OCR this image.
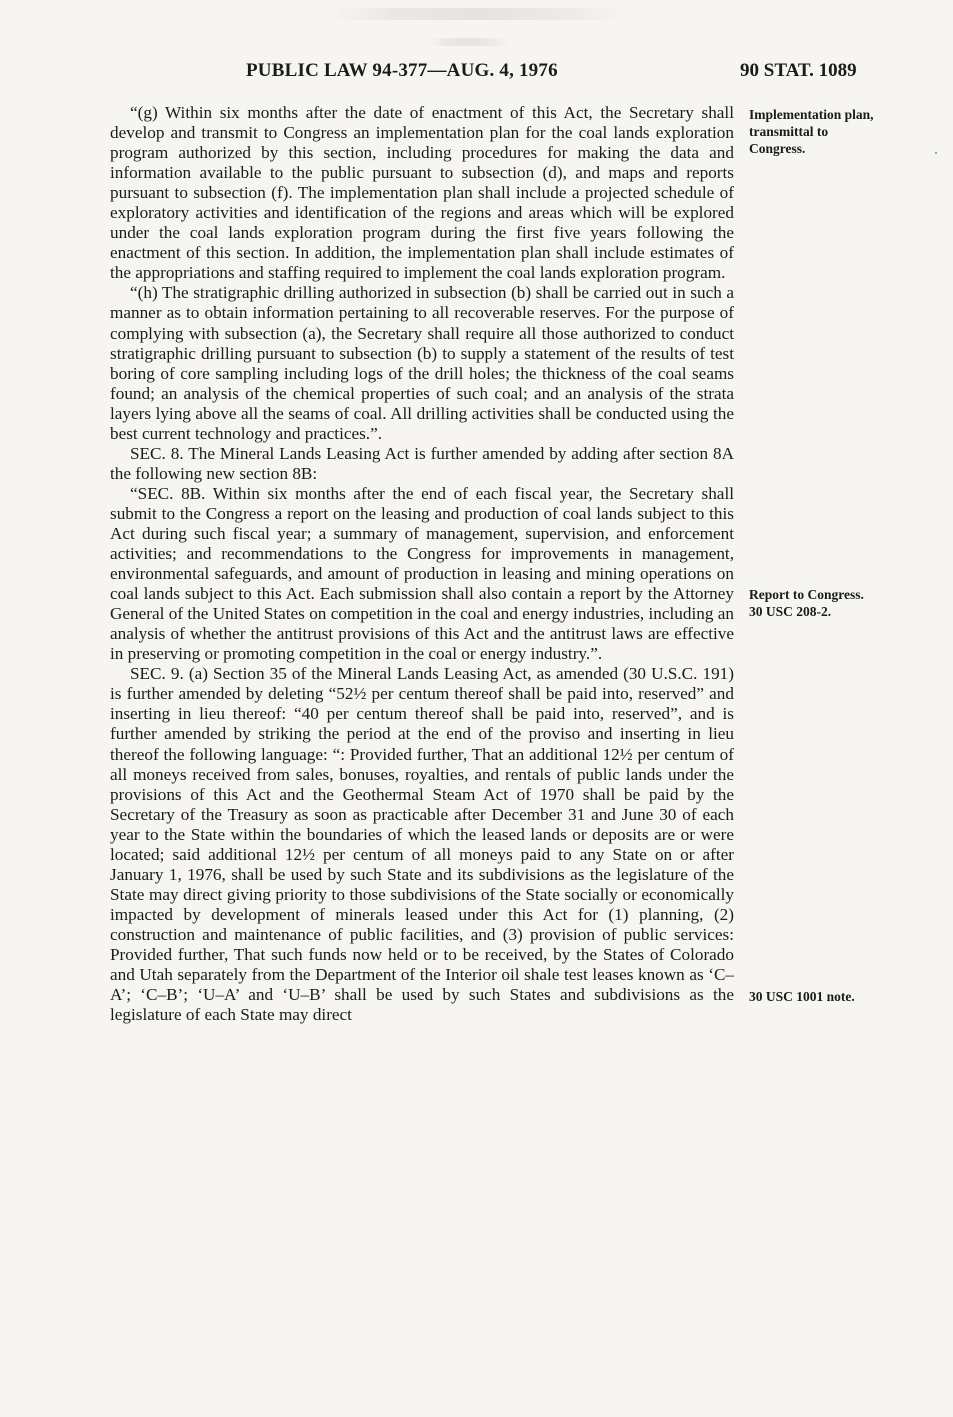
PUBLIC LAW 94-377—AUG. 4, 1976	90 STAT. 1089

“(g) Within six months after the date of enactment of this Act, the Secretary shall develop and transmit to Congress an implementation plan for the coal lands exploration program authorized by this section, including procedures for making the data and information available to the public pursuant to subsection (d), and maps and reports pursuant to subsection (f). The implementation plan shall include a projected schedule of exploratory activities and identification of the regions and areas which will be explored under the coal lands exploration program during the first five years following the enactment of this section. In addition, the implementation plan shall include estimates of the appropriations and staffing required to implement the coal lands exploration program.

“(h) The stratigraphic drilling authorized in subsection (b) shall be carried out in such a manner as to obtain information pertaining to all recoverable reserves. For the purpose of complying with subsection (a), the Secretary shall require all those authorized to conduct stratigraphic drilling pursuant to subsection (b) to supply a statement of the results of test boring of core sampling including logs of the drill holes; the thickness of the coal seams found; an analysis of the chemical properties of such coal; and an analysis of the strata layers lying above all the seams of coal. All drilling activities shall be conducted using the best current technology and practices.”.

SEC. 8. The Mineral Lands Leasing Act is further amended by adding after section 8A the following new section 8B:

“SEC. 8B. Within six months after the end of each fiscal year, the Secretary shall submit to the Congress a report on the leasing and production of coal lands subject to this Act during such fiscal year; a summary of management, supervision, and enforcement activities; and recommendations to the Congress for improvements in management, environmental safeguards, and amount of production in leasing and mining operations on coal lands subject to this Act. Each submission shall also contain a report by the Attorney General of the United States on competition in the coal and energy industries, including an analysis of whether the antitrust provisions of this Act and the antitrust laws are effective in preserving or promoting competition in the coal or energy industry.”.

SEC. 9. (a) Section 35 of the Mineral Lands Leasing Act, as amended (30 U.S.C. 191) is further amended by deleting “52½ per centum thereof shall be paid into, reserved” and inserting in lieu thereof: “40 per centum thereof shall be paid into, reserved”, and is further amended by striking the period at the end of the proviso and inserting in lieu thereof the following language: “: Provided further, That an additional 12½ per centum of all moneys received from sales, bonuses, royalties, and rentals of public lands under the provisions of this Act and the Geothermal Steam Act of 1970 shall be paid by the Secretary of the Treasury as soon as practicable after December 31 and June 30 of each year to the State within the boundaries of which the leased lands or deposits are or were located; said additional 12½ per centum of all moneys paid to any State on or after January 1, 1976, shall be used by such State and its subdivisions as the legislature of the State may direct giving priority to those subdivisions of the State socially or economically impacted by development of minerals leased under this Act for (1) planning, (2) construction and maintenance of public facilities, and (3) provision of public services: Provided further, That such funds now held or to be received, by the States of Colorado and Utah separately from the Department of the Interior oil shale test leases known as ‘C–A’; ‘C–B’; ‘U–A’ and ‘U–B’ shall be used by such States and subdivisions as the legislature of each State may direct

Implementation plan, transmittal to Congress.
Report to Congress. 30 USC 208-2.
30 USC 1001 note.
